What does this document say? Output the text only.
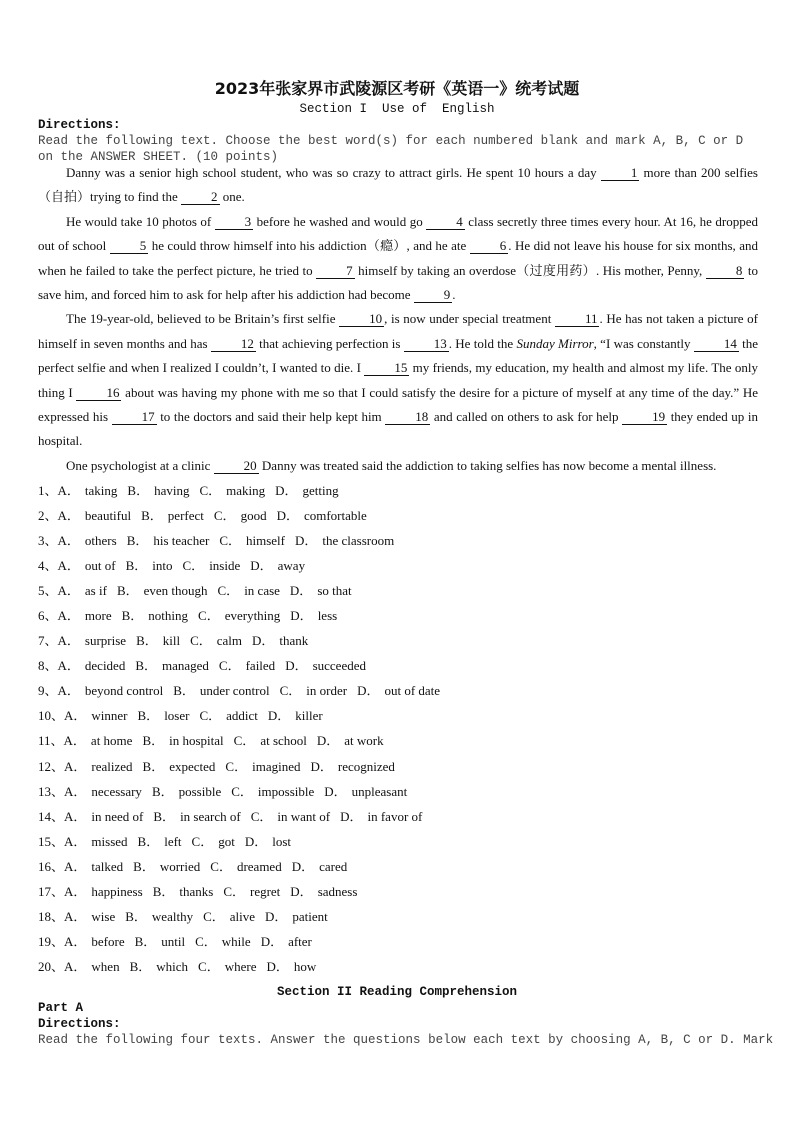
2023年张家界市武陵源区考研《英语一》统考试题
Section I  Use of  English
Directions:
Read the following text. Choose the best word(s) for each numbered blank and mark A, B, C or D on the ANSWER SHEET. (10 points)

Danny was a senior high school student, who was so crazy to attract girls. He spent 10 hours a day 1 more than 200 selfies（自拍）trying to find the 2 one.

He would take 10 photos of 3 before he washed and would go 4 class secretly three times every hour. At 16, he dropped out of school 5 he could throw himself into his addiction（瘾）, and he ate 6 . He did not leave his house for six months, and when he failed to take the perfect picture, he tried to 7 himself by taking an overdose（过度用药）. His mother, Penny, 8 to save him, and forced him to ask for help after his addiction had become 9 .

The 19-year-old, believed to be Britain’s first selfie 10 , is now under special treatment 11 . He has not taken a picture of himself in seven months and has 12 that achieving perfection is 13 . He told the Sunday Mirror, “I was constantly 14 the perfect selfie and when I realized I couldn’t, I wanted to die. I 15 my friends, my education, my health and almost my life. The only thing I 16 about was having my phone with me so that I could satisfy the desire for a picture of myself at any time of the day.” He expressed his 17 to the doctors and said their help kept him 18 and called on others to ask for help 19 they ended up in hospital.

One psychologist at a clinic 20 Danny was treated said the addiction to taking selfies has now become a mental illness.

1、A． taking B． having C． making D． getting
2、A． beautiful B． perfect C． good D． comfortable
3、A． others B． his teacher C． himself D． the classroom
4、A． out of B． into C． inside D． away
5、A． as if B． even though C． in case D． so that
6、A． more B． nothing C． everything D． less
7、A． surprise B． kill C． calm D． thank
8、A． decided B． managed C． failed D． succeeded
9、A． beyond control B． under control C． in order D． out of date
10、A． winner B． loser C． addict D． killer
11、A． at home B． in hospital C． at school D． at work
12、A． realized B． expected C． imagined D． recognized
13、A． necessary B． possible C． impossible D． unpleasant
14、A． in need of B． in search of C． in want of D． in favor of
15、A． missed B． left C． got D． lost
16、A． talked B． worried C． dreamed D． cared
17、A． happiness B． thanks C． regret D． sadness
18、A． wise B． wealthy C． alive D． patient
19、A． before B． until C． while D． after
20、A． when B． which C． where D． how
Section II Reading Comprehension
Part A
Directions:
Read the following four texts. Answer the questions below each text by choosing A, B, C or D. Mark
